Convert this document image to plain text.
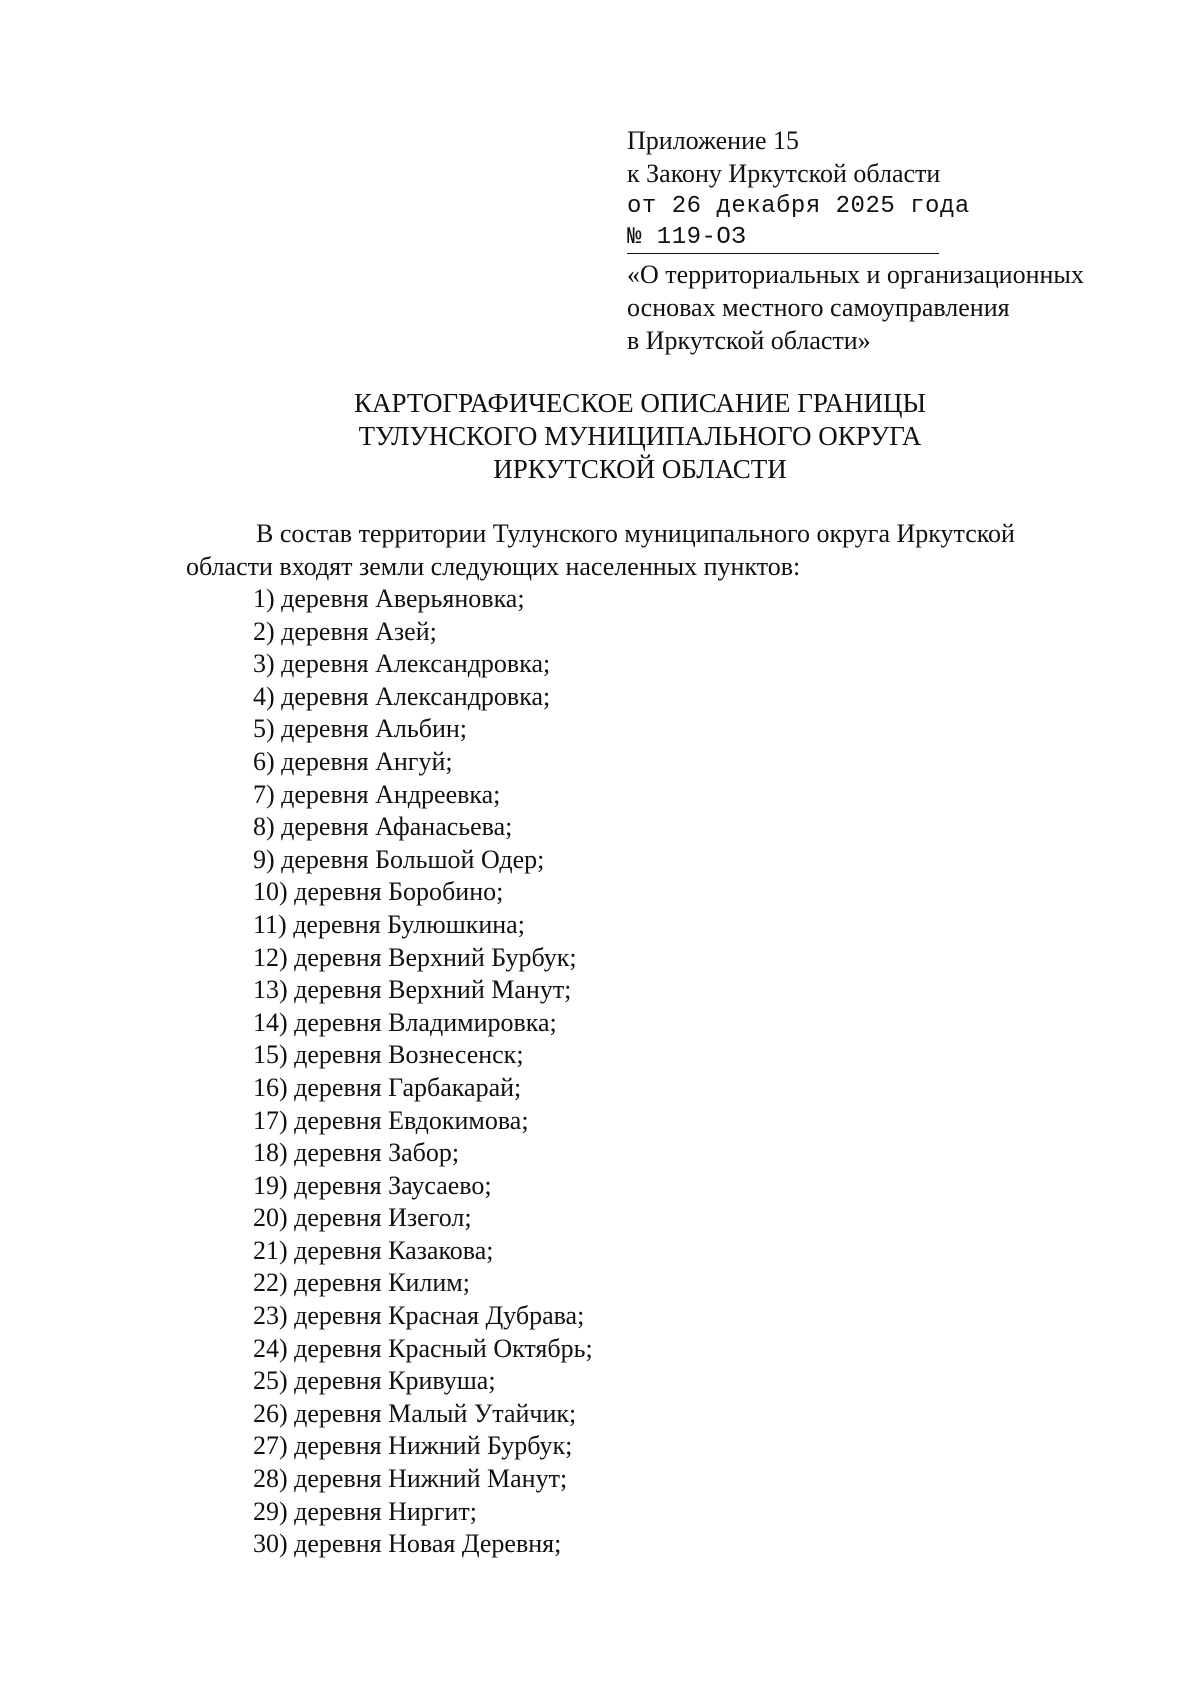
Приложение 15
к Закону Иркутской области
от 26 декабря 2025 года
№ 119-ОЗ
«О территориальных и организационных
основах местного самоуправления
в Иркутской области»
КАРТОГРАФИЧЕСКОЕ ОПИСАНИЕ ГРАНИЦЫ
ТУЛУНСКОГО МУНИЦИПАЛЬНОГО ОКРУГА
ИРКУТСКОЙ ОБЛАСТИ
В состав территории Тулунского муниципального округа Иркутской
области входят земли следующих населенных пунктов:
1) деревня Аверьяновка;
2) деревня Азей;
3) деревня Александровка;
4) деревня Александровка;
5) деревня Альбин;
6) деревня Ангуй;
7) деревня Андреевка;
8) деревня Афанасьева;
9) деревня Большой Одер;
10) деревня Боробино;
11) деревня Булюшкина;
12) деревня Верхний Бурбук;
13) деревня Верхний Манут;
14) деревня Владимировка;
15) деревня Вознесенск;
16) деревня Гарбакарай;
17) деревня Евдокимова;
18) деревня Забор;
19) деревня Заусаево;
20) деревня Изегол;
21) деревня Казакова;
22) деревня Килим;
23) деревня Красная Дубрава;
24) деревня Красный Октябрь;
25) деревня Кривуша;
26) деревня Малый Утайчик;
27) деревня Нижний Бурбук;
28) деревня Нижний Манут;
29) деревня Ниргит;
30) деревня Новая Деревня;
